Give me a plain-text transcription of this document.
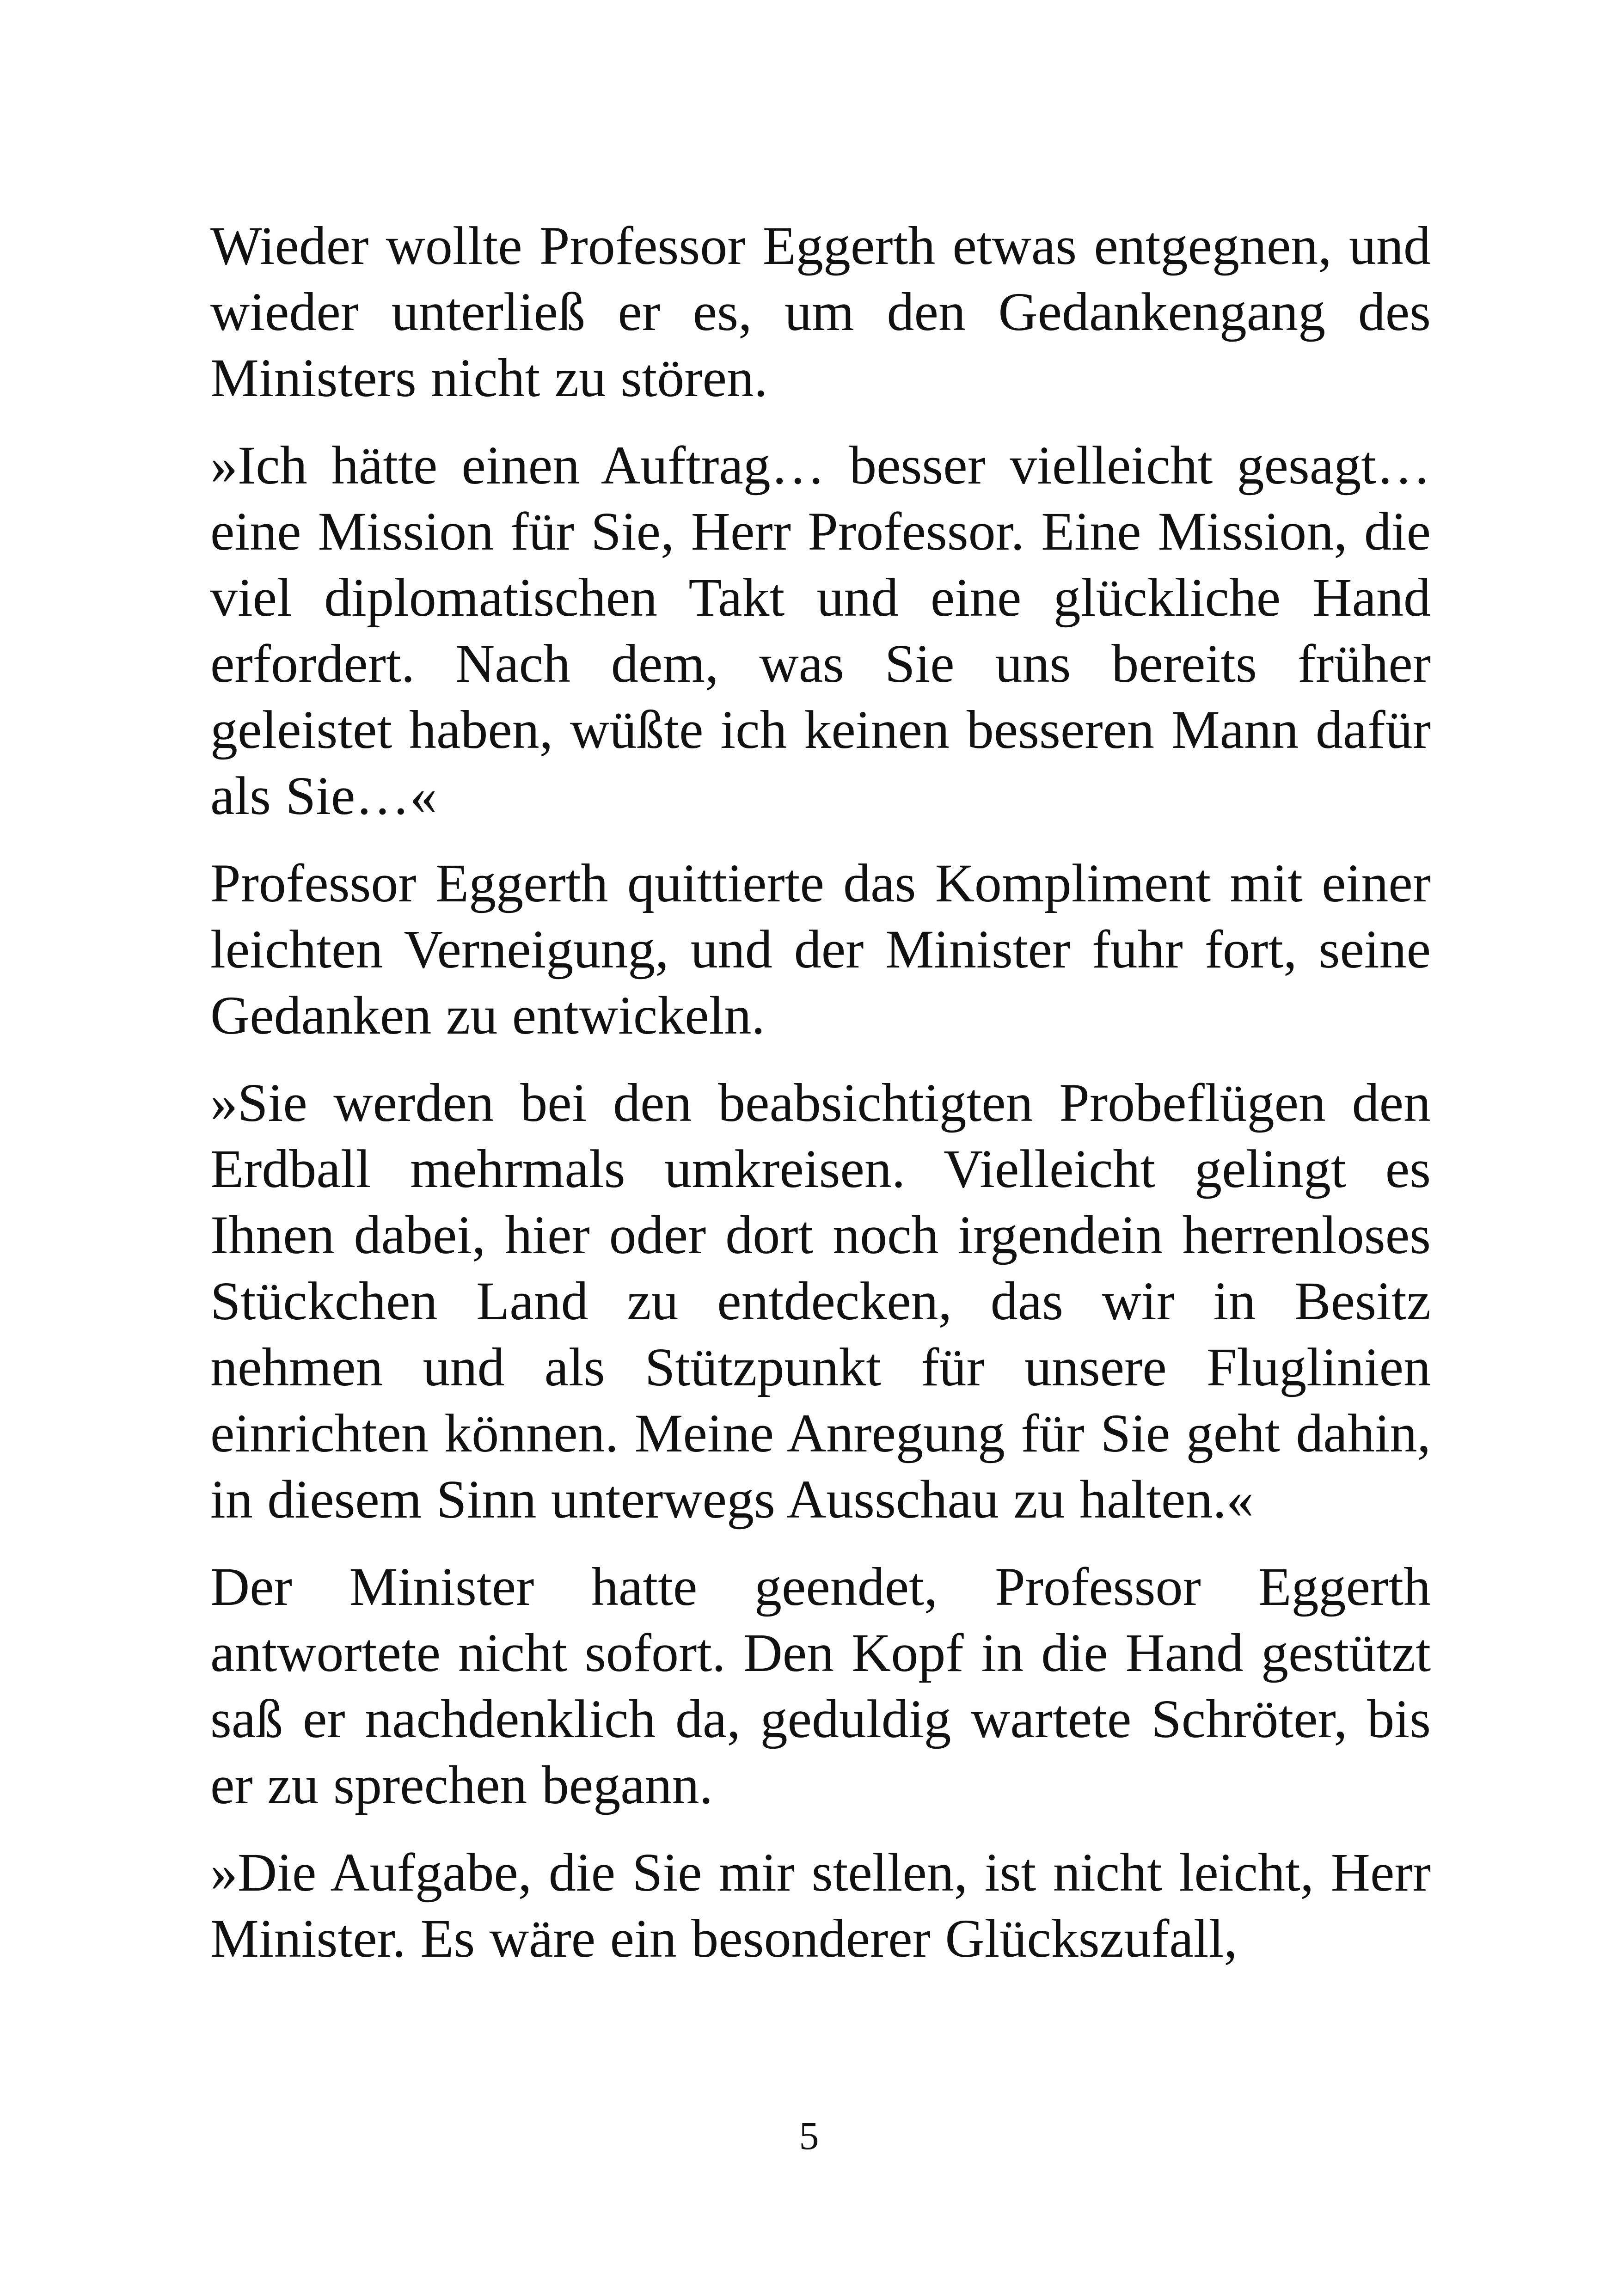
Wieder wollte Professor Eggerth etwas entgegnen, und wieder unterließ er es, um den Gedankengang des Ministers nicht zu stören.

»Ich hätte einen Auftrag… besser vielleicht gesagt… eine Mission für Sie, Herr Professor. Eine Mission, die viel diplomatischen Takt und eine glückliche Hand erfordert. Nach dem, was Sie uns bereits früher geleistet haben, wüßte ich keinen besseren Mann dafür als Sie…«

Professor Eggerth quittierte das Kompliment mit einer leichten Verneigung, und der Minister fuhr fort, seine Gedanken zu entwickeln.

»Sie werden bei den beabsichtigten Probeflügen den Erdball mehrmals umkreisen. Vielleicht gelingt es Ihnen dabei, hier oder dort noch irgendein herrenloses Stückchen Land zu entdecken, das wir in Besitz nehmen und als Stützpunkt für unsere Fluglinien einrichten können. Meine Anregung für Sie geht dahin, in diesem Sinn unterwegs Ausschau zu halten.«

Der Minister hatte geendet, Professor Eggerth antwortete nicht sofort. Den Kopf in die Hand gestützt saß er nachdenklich da, geduldig wartete Schröter, bis er zu sprechen begann.

»Die Aufgabe, die Sie mir stellen, ist nicht leicht, Herr Minister. Es wäre ein besonderer Glückszufall,

5
